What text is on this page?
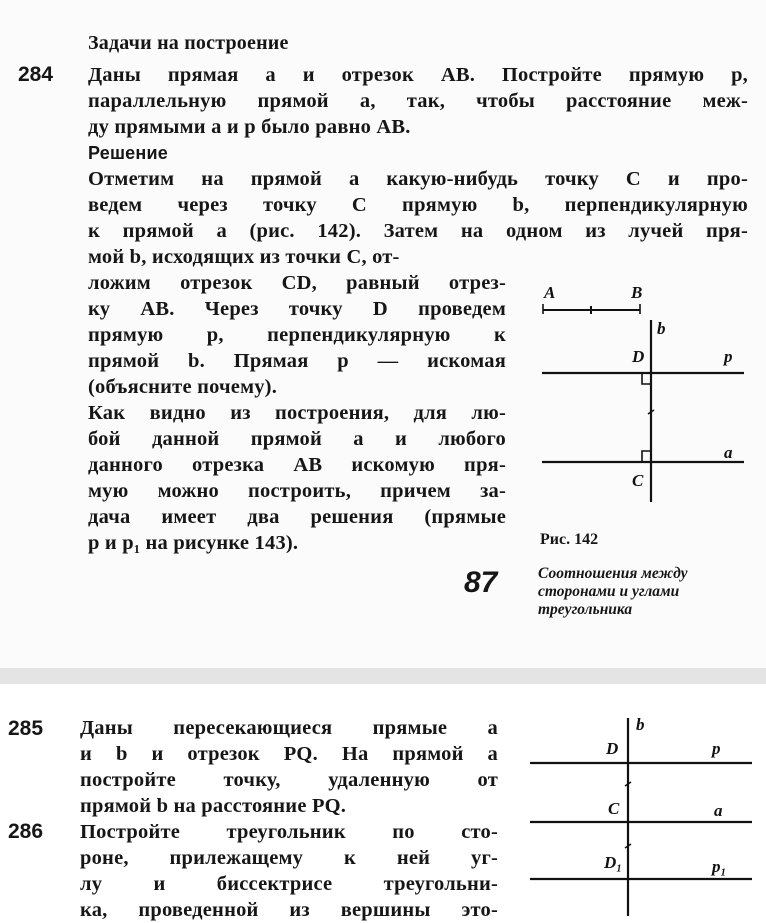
Задачи на построение
284 Даны прямая a и отрезок AB. Постройте прямую p,
параллельную прямой a, так, чтобы расстояние меж-
ду прямыми a и p было равно AB.
Решение
Отметим на прямой a какую-нибудь точку C и про-
ведем через точку C прямую b, перпендикулярную
к прямой a (рис. 142). Затем на одном из лучей пря-
мой b, исходящих из точки C, от-
ложим отрезок CD, равный отрез-
ку AB. Через точку D проведем
прямую p, перпендикулярную к
прямой b. Прямая p — искомая
(объясните почему).
Как видно из построения, для лю-
бой данной прямой a и любого
данного отрезка AB искомую пря-
мую можно построить, причем за-
дача имеет два решения (прямые
p и p₁ на рисунке 143).
A	B
b
D	p
a
C
Рис. 142
87	Соотношения между
сторонами и углами
треугольника
285 Даны пересекающиеся прямые a
и b и отрезок PQ. На прямой a
постройте точку, удаленную от
прямой b на расстояние PQ.
286 Постройте треугольник по сто-
роне, прилежащему к ней уг-
лу и биссектрисе треугольни-
ка, проведенной из вершины это-
b
D	p
C	a
D₁	p₁
